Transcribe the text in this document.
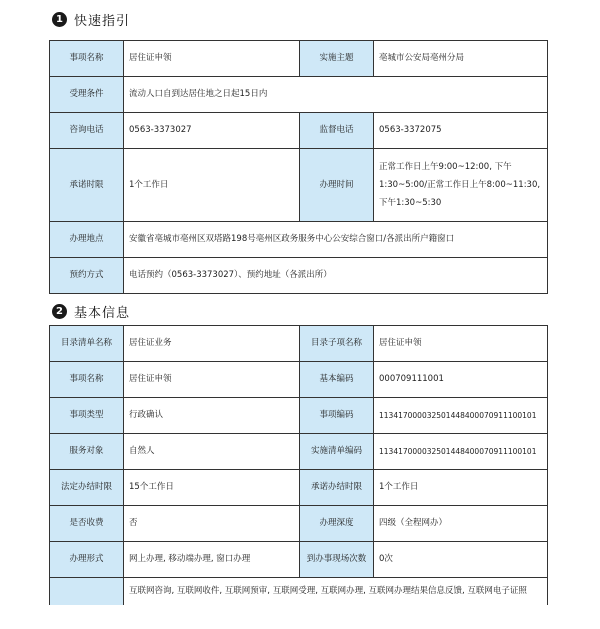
1 快速指引
事项名称	居住证申领	实施主题	亳城市公安局亳州分局
受理条件	流动人口自到达居住地之日起15日内		
咨询电话	0563-3373027	监督电话	0563-3372075
承诺时限	1个工作日	办理时间	正常工作日上午9:00~12:00, 下午1:30~5:00/正常工作日上午8:00~11:30, 下午1:30~5:30
办理地点	安徽省亳城市亳州区双塔路198号亳州区政务服务中心公安综合窗口/各派出所户籍窗口		
预约方式	电话预约（0563-3373027）、预约地址（各派出所）		
2 基本信息
目录清单名称	居住证业务	目录子项名称	居住证申领
事项名称	居住证申领	基本编码	000709111001
事项类型	行政确认	事项编码	113417000032501448400070911100101
服务对象	自然人	实施清单编码	113417000032501448400070911100101
法定办结时限	15个工作日	承诺办结时限	1个工作日
是否收费	否	办理深度	四级（全程网办）
办理形式	网上办理, 移动端办理, 窗口办理	到办事现场次数	0次
	互联网咨询, 互联网收件, 互联网预审, 互联网受理, 互联网办理, 互联网办理结果信息反馈, 互联网电子证照		
